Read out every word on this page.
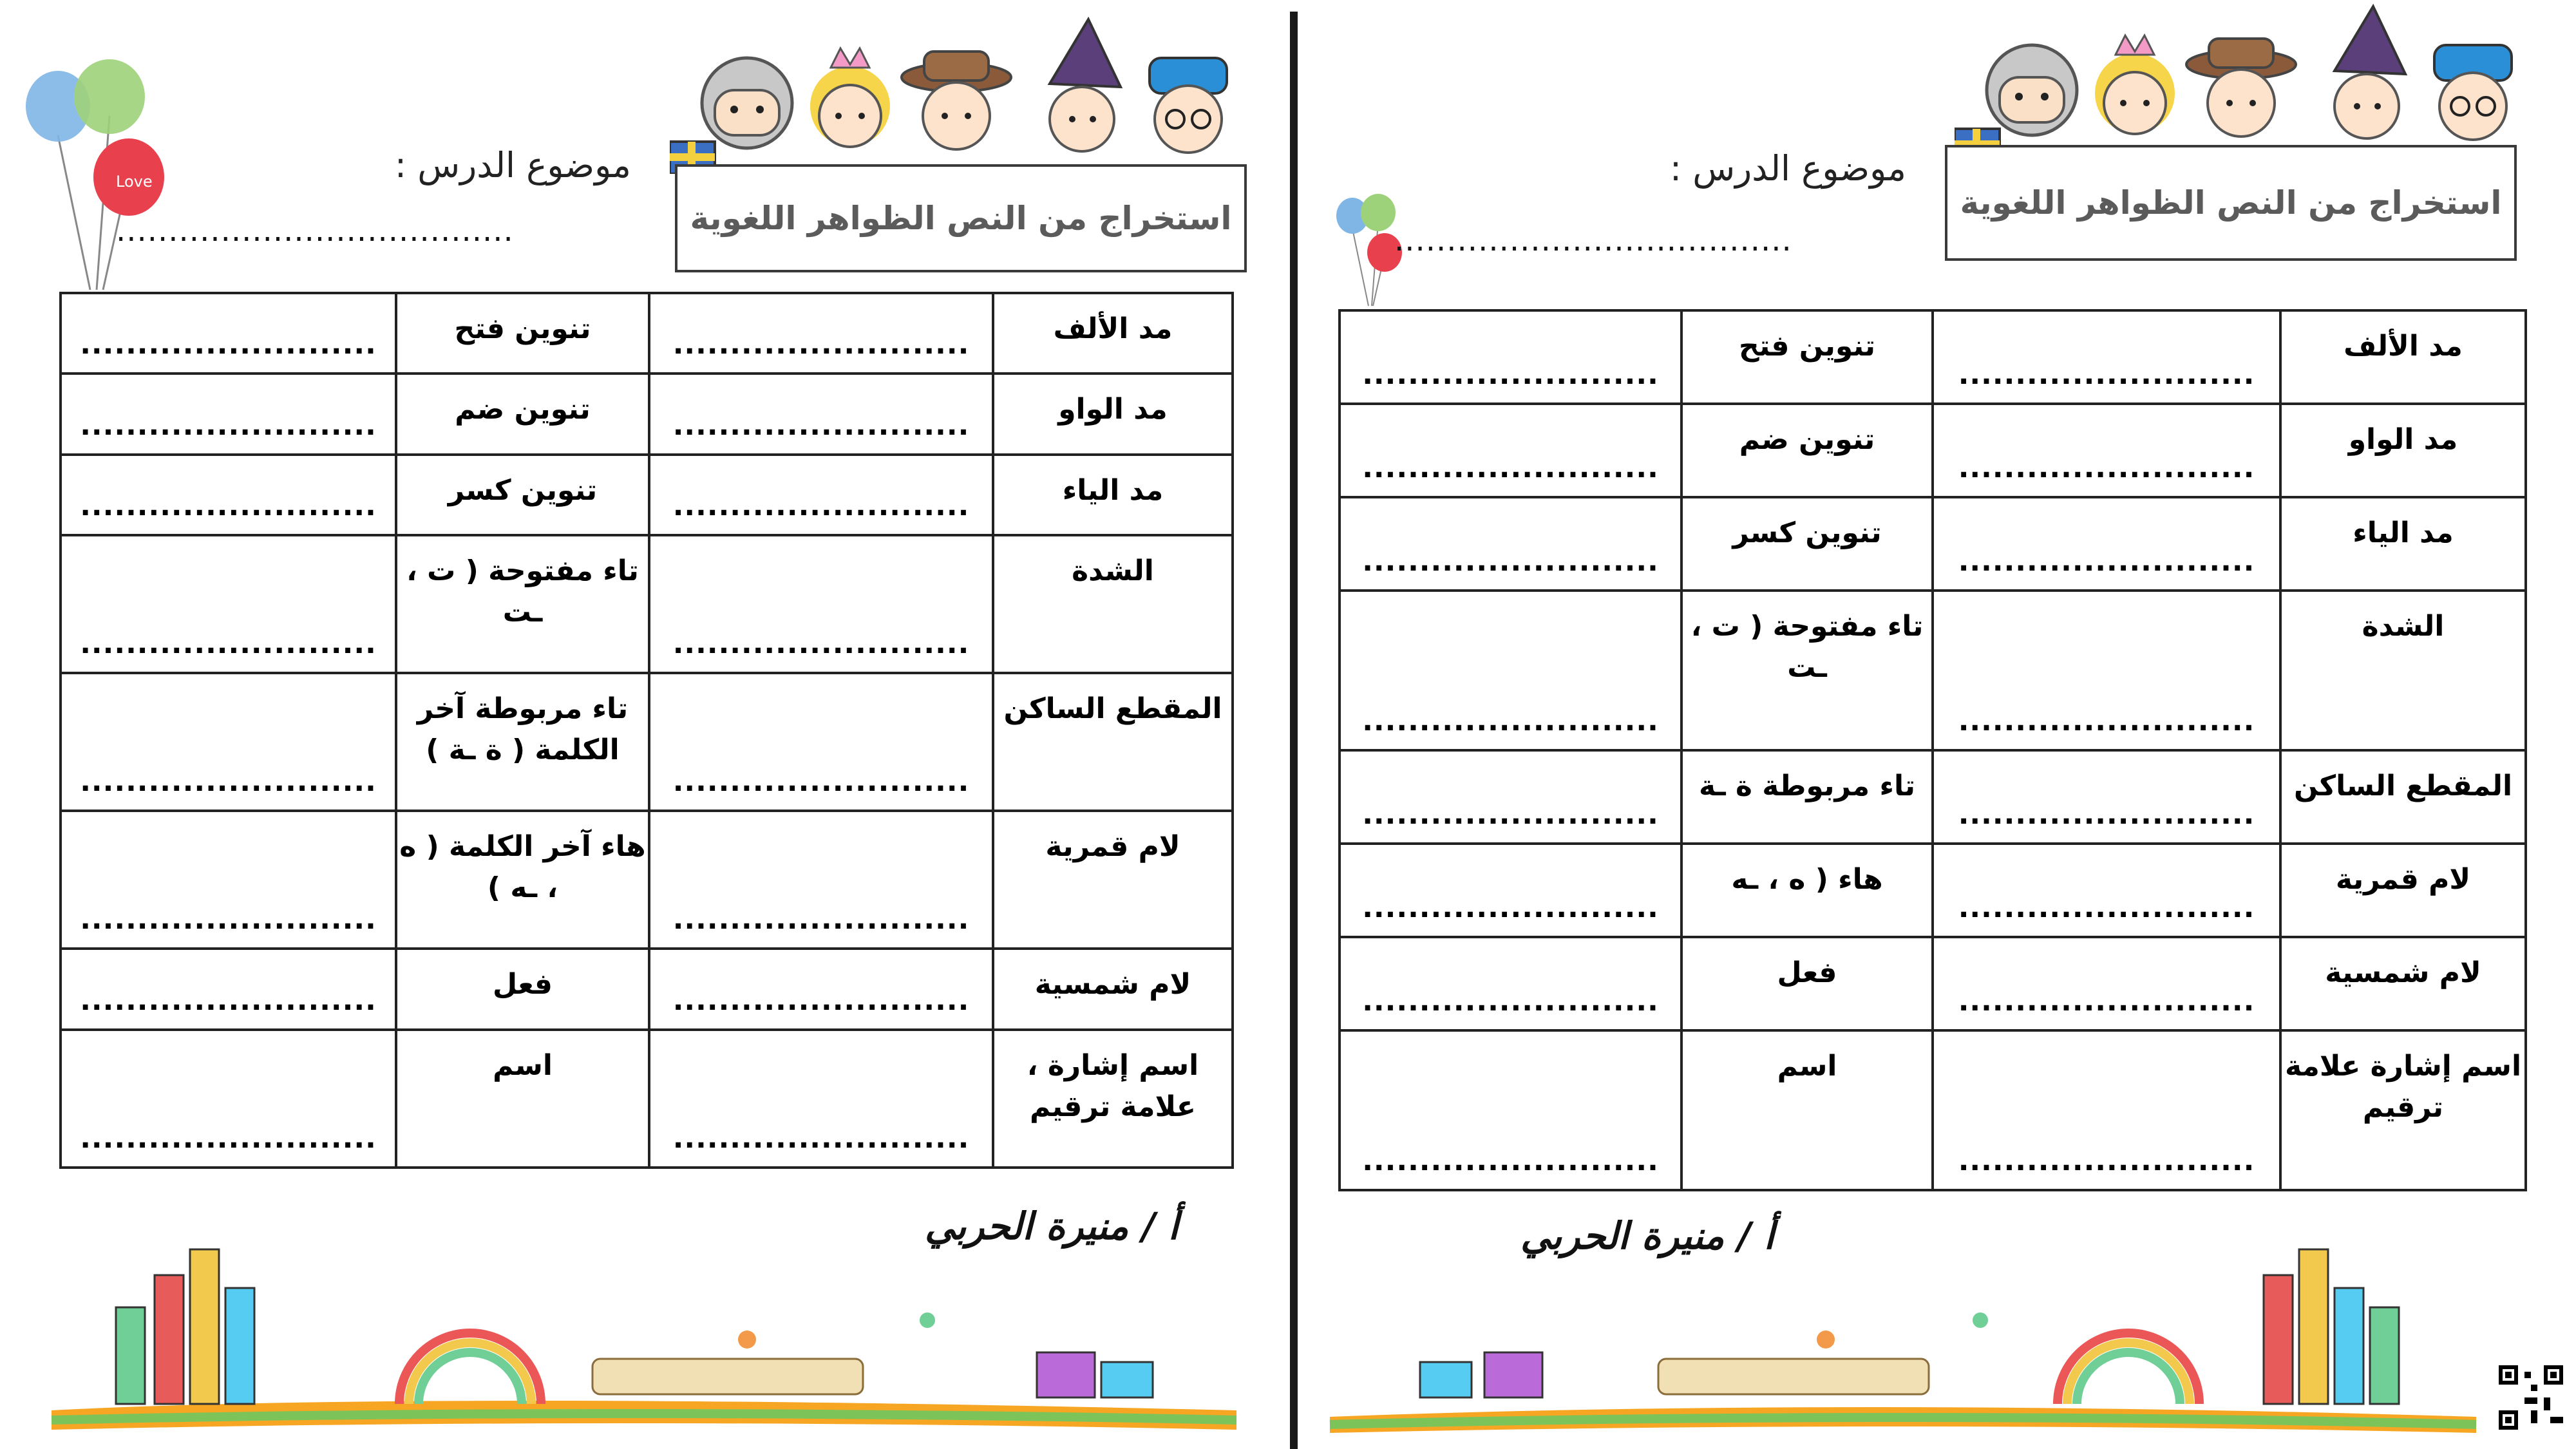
Love
استخراج من النص الظواهر اللغوية
موضوع الدرس :
......................................
مد الألف	..........................	تنوين فتح	..........................

مد الواو	..........................	تنوين ضم	..........................

مد الياء	..........................	تنوين كسر	..........................

الشدة	..........................	تاء مفتوحة ( ت ، ـت	..........................

المقطع الساكن	..........................	تاء مربوطة آخر الكلمة ( ة ـة )	..........................

لام قمرية	..........................	هاء آخر الكلمة ( ه ، ـه )	..........................

لام شمسية	..........................	فعل	..........................

اسم إشارة ، علامة ترقيم	..........................	اسم	..........................
أ / منيرة الحربي
استخراج من النص الظواهر اللغوية
موضوع الدرس :
......................................
مد الألف	..........................	تنوين فتح	..........................

مد الواو	..........................	تنوين ضم	..........................

مد الياء	..........................	تنوين كسر	..........................

الشدة	..........................	تاء مفتوحة ( ت ، ـت	..........................

المقطع الساكن	..........................	تاء مربوطة ة ـة	..........................

لام قمرية	..........................	هاء ( ه ، ـه	..........................

لام شمسية	..........................	فعل	..........................

اسم إشارة علامة ترقيم	..........................	اسم	..........................
أ / منيرة الحربي
